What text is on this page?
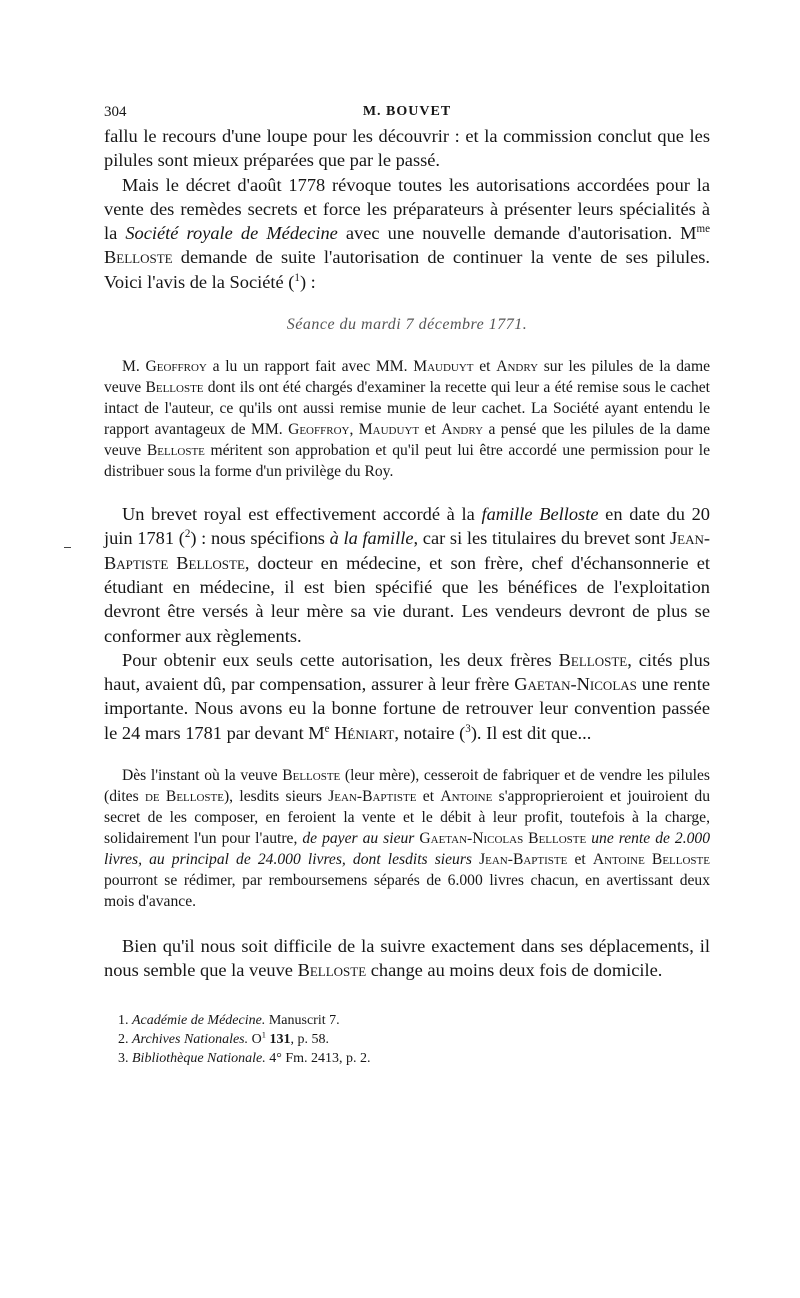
304	M. BOUVET

fallu le recours d'une loupe pour les découvrir : et la commission conclut que les pilules sont mieux préparées que par le passé.

Mais le décret d'août 1778 révoque toutes les autorisations accordées pour la vente des remèdes secrets et force les préparateurs à présenter leurs spécialités à la Société royale de Médecine avec une nouvelle demande d'autorisation. $M^{me}$ Belloste demande de suite l'autorisation de continuer la vente de ses pilules. Voici l'avis de la Société ($^1$) :

Séance du mardi 7 décembre 1771.

M. Geoffroy a lu un rapport fait avec MM. Mauduyt et Andry sur les pilules de la dame veuve Belloste dont ils ont été chargés d'examiner la recette qui leur a été remise sous le cachet intact de l'auteur, ce qu'ils ont aussi remise munie de leur cachet. La Société ayant entendu le rapport avantageux de MM. Geoffroy, Mauduyt et Andry a pensé que les pilules de la dame veuve Belloste méritent son approbation et qu'il peut lui être accordé une permission pour le distribuer sous la forme d'un privilège du Roy.

Un brevet royal est effectivement accordé à la famille Belloste en date du 20 juin 1781 ($^2$) : nous spécifions à la famille, car si les titulaires du brevet sont Jean-Baptiste Belloste, docteur en médecine, et son frère, chef d'échansonnerie et étudiant en médecine, il est bien spécifié que les bénéfices de l'exploitation devront être versés à leur mère sa vie durant. Les vendeurs devront de plus se conformer aux règlements.

Pour obtenir eux seuls cette autorisation, les deux frères Belloste, cités plus haut, avaient dû, par compensation, assurer à leur frère Gaetan-Nicolas une rente importante. Nous avons eu la bonne fortune de retrouver leur convention passée le 24 mars 1781 par devant Me Héniart, notaire ($^3$). Il est dit que...

Dès l'instant où la veuve Belloste (leur mère), cesseroit de fabriquer et de vendre les pilules (dites de Belloste), lesdits sieurs Jean-Baptiste et Antoine s'approprieroient et jouiroient du secret de les composer, en feroient la vente et le débit à leur profit, toutefois à la charge, solidairement l'un pour l'autre, de payer au sieur Gaetan-Nicolas Belloste une rente de 2.000 livres, au principal de 24.000 livres, dont lesdits sieurs Jean-Baptiste et Antoine Belloste pourront se rédimer, par remboursemens séparés de 6.000 livres chacun, en avertissant deux mois d'avance.

Bien qu'il nous soit difficile de la suivre exactement dans ses déplacements, il nous semble que la veuve Belloste change au moins deux fois de domicile.

1. Académie de Médecine. Manuscrit 7.
2. Archives Nationales. $O^1$ 131, p. 58.
3. Bibliothèque Nationale. 4° Fm. 2413, p. 2.
